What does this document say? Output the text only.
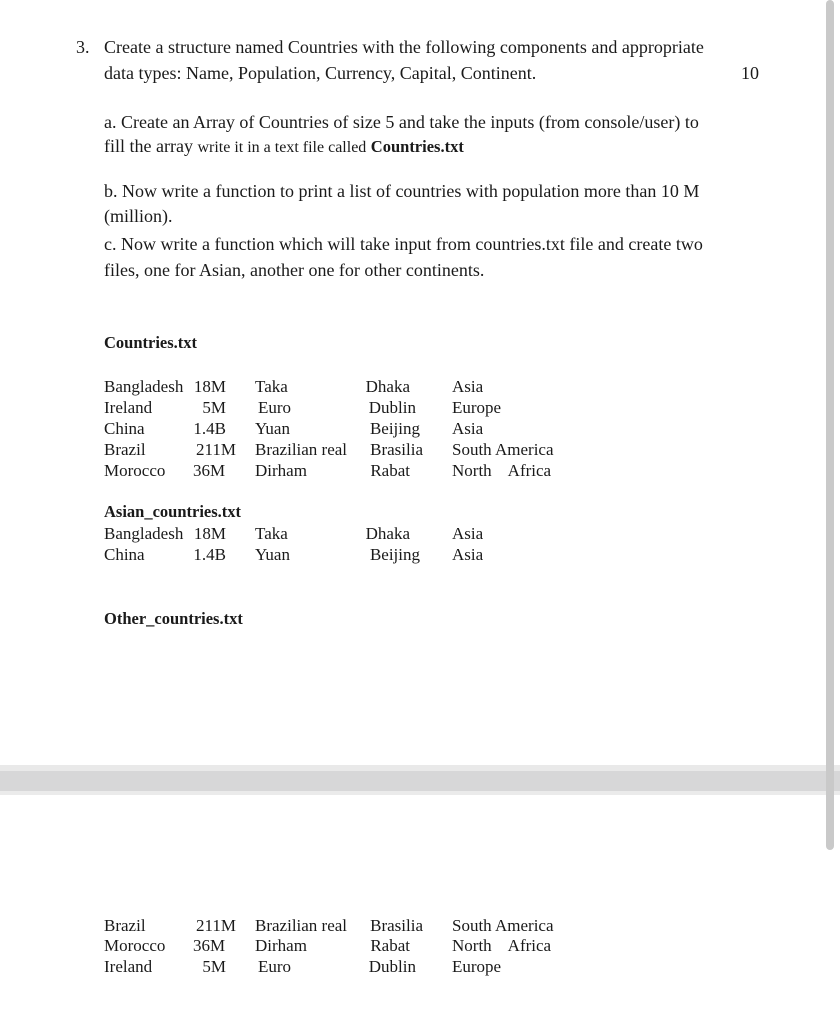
3. Create a structure named Countries with the following components and appropriate
data types: Name, Population, Currency, Capital, Continent.	10
a. Create an Array of Countries of size 5 and take the inputs (from console/user) to
fill the array write it in a text file called Countries.txt
b. Now write a function to print a list of countries with population more than 10 M
(million).
c. Now write a function which will take input from countries.txt file and create two
files, one for Asian, another one for other continents.
Countries.txt
Bangladesh 18M Taka	Dhaka Asia
Ireland	5M Euro	Dublin Europe
China	1.4B Yuan	Beijing Asia
Brazil	211M Brazilian real	Brasilia South America
Morocco 36M Dirham	Rabat North Africa
Asian_countries.txt
Bangladesh 18M Taka	Dhaka Asia
China	1.4B Yuan	Beijing Asia
Other_countries.txt
Brazil	211M Brazilian real	Brasilia South America
Morocco 36M Dirham	Rabat North Africa
Ireland	5M Euro	Dublin Europe
